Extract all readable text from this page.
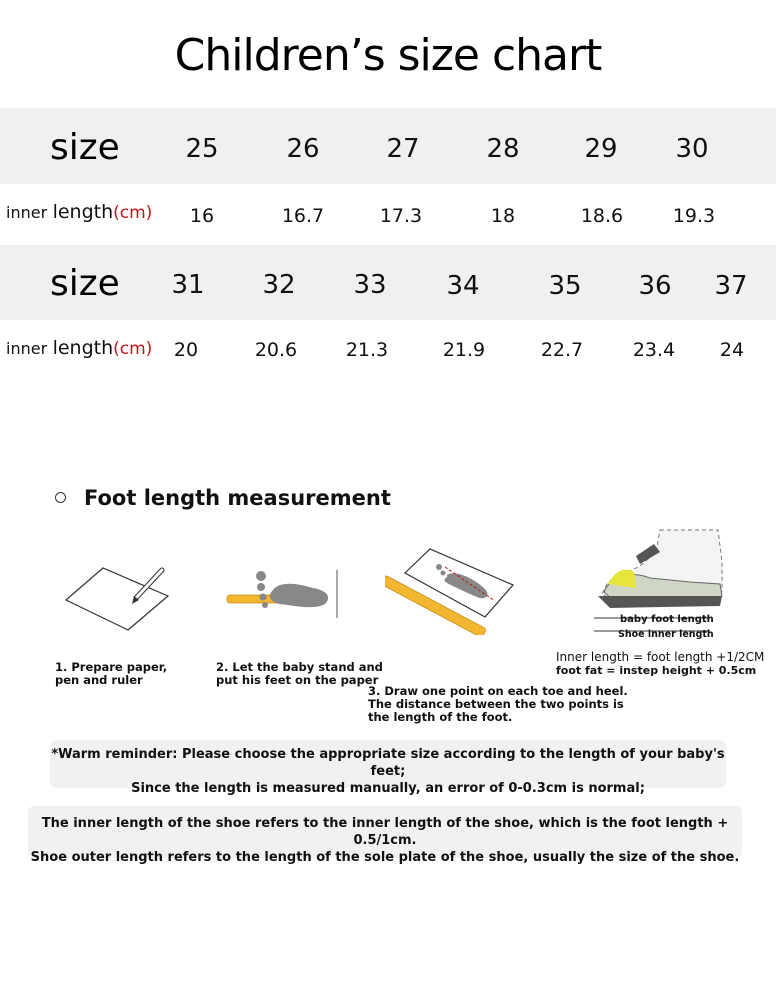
Children’s size chart
size	25	26	27	28 29 30
inner length(cm) 16	16.7	17.3	18	18.6	19.3
size 31 32 33 34	35 36 37
inner length(cm) 20	20.6	21.3	21.9	22.7	23.4 24
Foot length measurement
baby foot length
Shoe inner length
1. Prepare paper,
pen and ruler
2. Let the baby stand and
put his feet on the paper
3. Draw one point on each toe and heel.
The distance between the two points is
the length of the foot.
Inner length = foot length +1/2CM
foot fat = instep height + 0.5cm
*Warm reminder: Please choose the appropriate size according to the length of your baby's feet;
Since the length is measured manually, an error of 0-0.3cm is normal;
The inner length of the shoe refers to the inner length of the shoe, which is the foot length + 0.5/1cm.
Shoe outer length refers to the length of the sole plate of the shoe, usually the size of the shoe.
